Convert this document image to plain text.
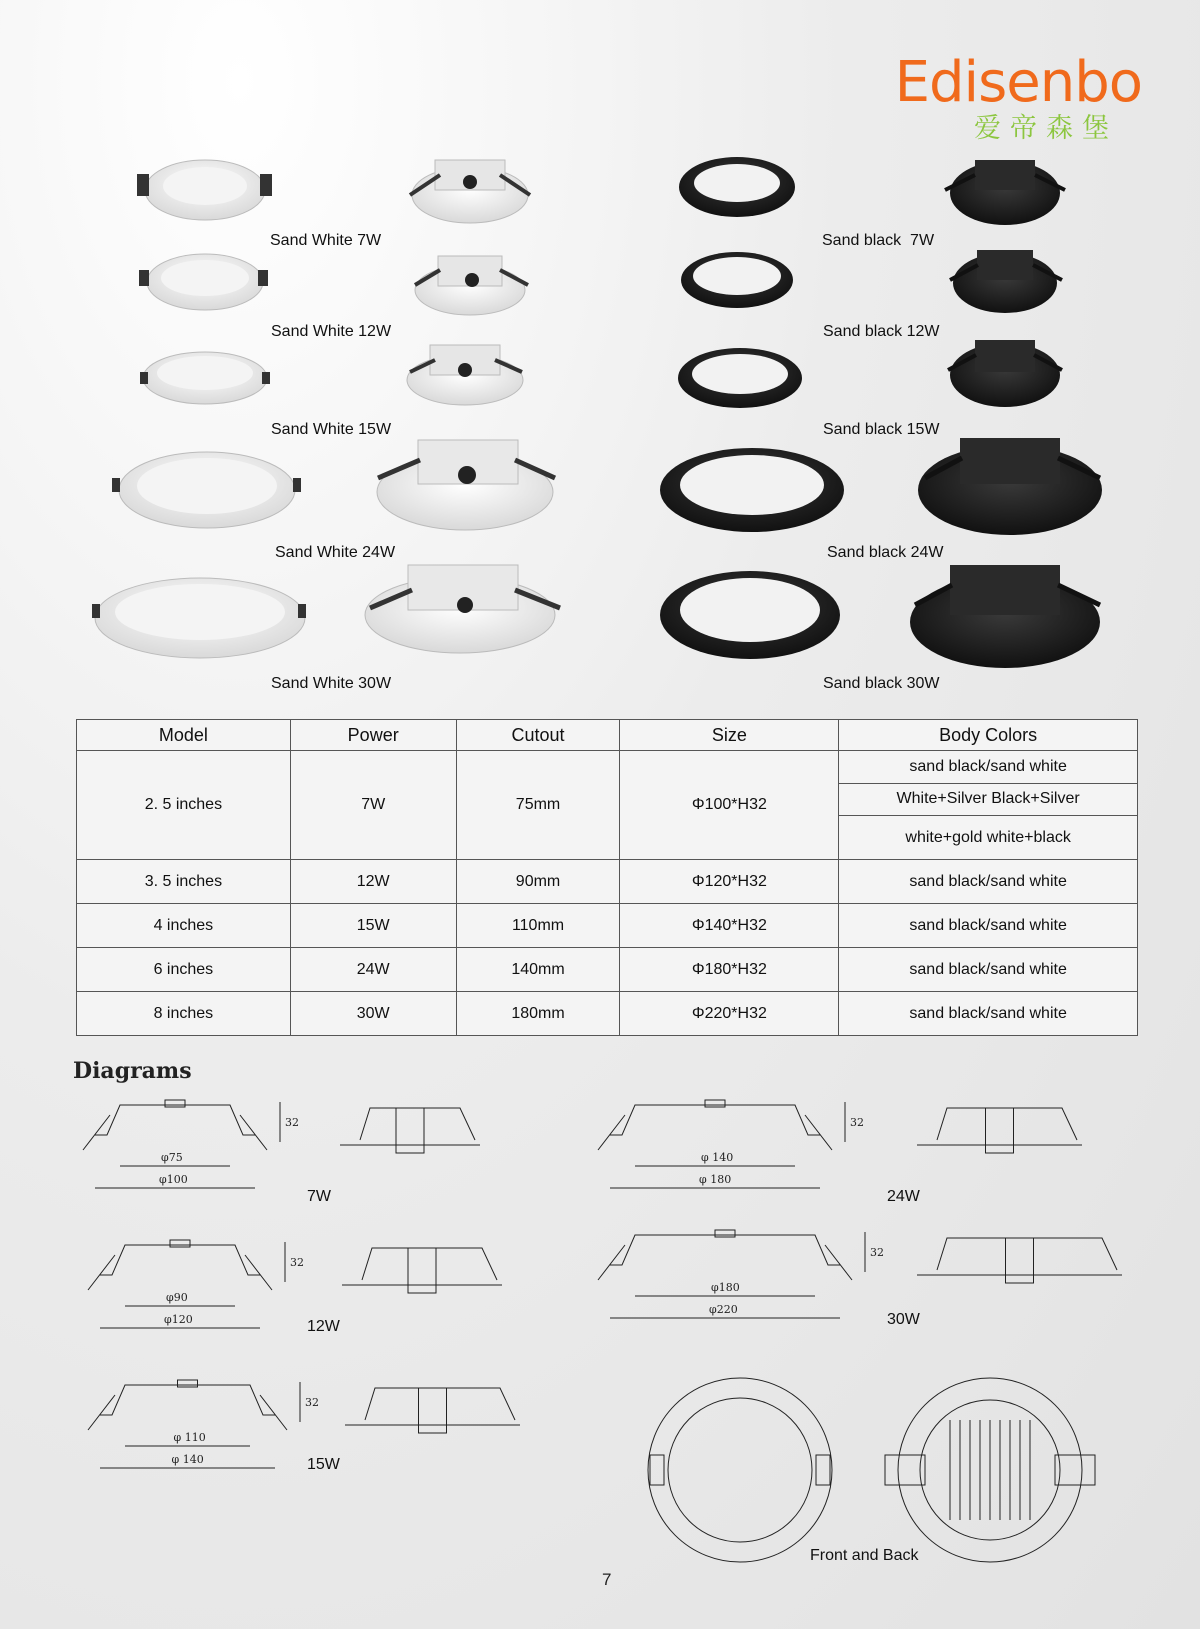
Edisenbo
爱帝森堡
Sand White 7W
Sand White 12W
Sand White 15W
Sand White 24W
Sand White 30W
Sand black  7W
Sand black 12W
Sand black 15W
Sand black 24W
Sand black 30W
Model	Power	Cutout	Size	Body Colors
2. 5 inches	7W	75mm	Φ100*H32	sand black/sand white
				White+Silver Black+Silver
				white+gold white+black
3. 5 inches	12W	90mm	Φ120*H32	sand black/sand white
4 inches	15W	110mm	Φ140*H32	sand black/sand white
6 inches	24W	140mm	Φ180*H32	sand black/sand white
8 inches	30W	180mm	Φ220*H32	sand black/sand white
Diagrams
32
φ75
φ100
32
φ90
φ120
32
φ 110
φ 140
32
φ 140
φ 180
32
φ180
φ220
7W
12W
15W
24W
30W
Front and Back
7
